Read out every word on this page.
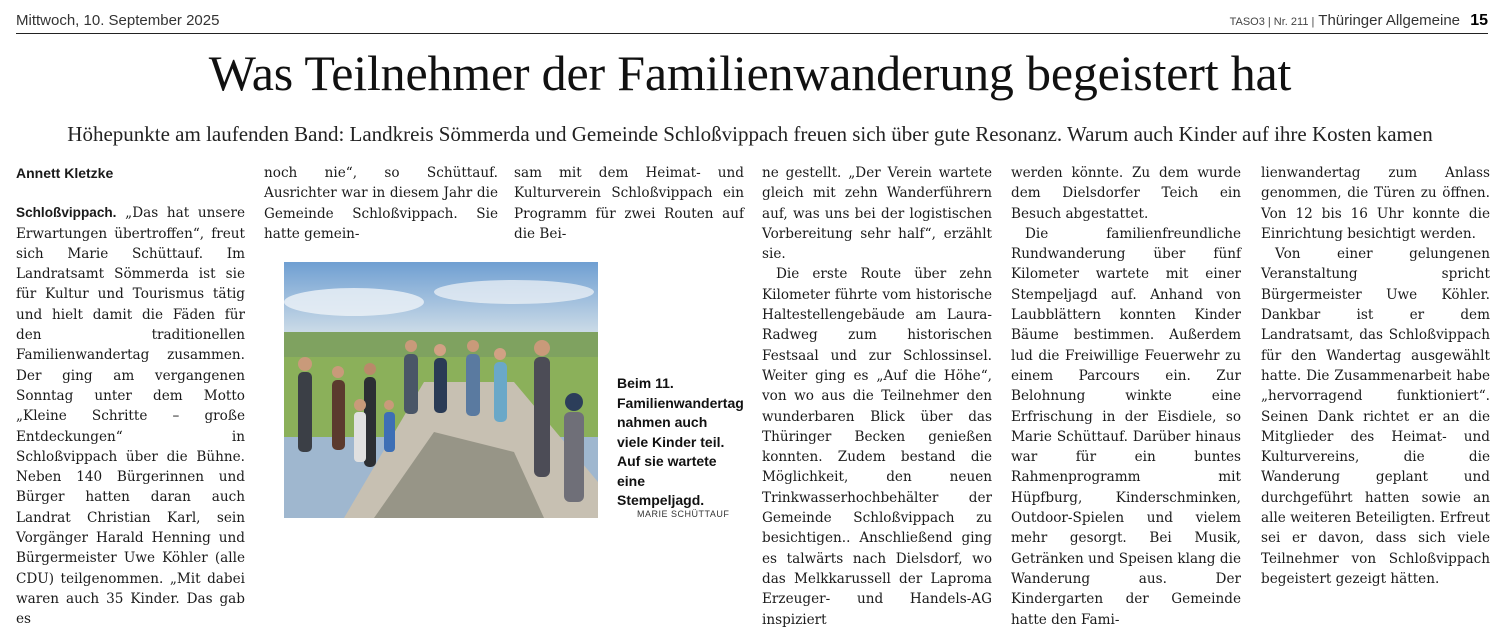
Mittwoch, 10. September 2025	TASO3 | Nr. 211 | Thüringer Allgemeine 15
Was Teilnehmer der Familienwanderung begeistert hat
Höhepunkte am laufenden Band: Landkreis Sömmerda und Gemeinde Schloßvippach freuen sich über gute Resonanz. Warum auch Kinder auf ihre Kosten kamen

Annett Kletzke

Schloßvippach. „Das hat unsere Erwartungen übertroffen“, freut sich Marie Schüttauf. Im Landratsamt Sömmerda ist sie für Kultur und Tourismus tätig und hielt damit die Fäden für den traditionellen Familienwandertag zusammen. Der ging am vergangenen Sonntag unter dem Motto „Kleine Schritte – große Entdeckungen“ in Schloßvippach über die Bühne. Neben 140 Bürgerinnen und Bürger hatten daran auch Landrat Christian Karl, sein Vorgänger Harald Henning und Bürgermeister Uwe Köhler (alle CDU) teilgenommen. „Mit dabei waren auch 35 Kinder. Das gab es

noch nie“, so Schüttauf. Ausrichter war in diesem Jahr die Gemeinde Schloßvippach. Sie hatte gemein-

sam mit dem Heimat- und Kulturverein Schloßvippach ein Programm für zwei Routen auf die Bei-

Beim 11. Familienwandertag nahmen auch viele Kinder teil. Auf sie wartete eine Stempeljagd.
MARIE SCHÜTTAUF

ne gestellt. „Der Verein wartete gleich mit zehn Wanderführern auf, was uns bei der logistischen Vorbereitung sehr half“, erzählt sie.

Die erste Route über zehn Kilometer führte vom historische Haltestellengebäude am Laura-Radweg zum historischen Festsaal und zur Schlossinsel. Weiter ging es „Auf die Höhe“, von wo aus die Teilnehmer den wunderbaren Blick über das Thüringer Becken genießen konnten. Zudem bestand die Möglichkeit, den neuen Trinkwasserhochbehälter der Gemeinde Schloßvippach zu besichtigen.. Anschließend ging es talwärts nach Dielsdorf, wo das Melkkarussell der Laproma Erzeuger- und Handels-AG inspiziert

werden könnte. Zu dem wurde dem Dielsdorfer Teich ein Besuch abgestattet.

Die familienfreundliche Rundwanderung über fünf Kilometer wartete mit einer Stempeljagd auf. Anhand von Laubblättern konnten Kinder Bäume bestimmen. Außerdem lud die Freiwillige Feuerwehr zu einem Parcours ein. Zur Belohnung winkte eine Erfrischung in der Eisdiele, so Marie Schüttauf. Darüber hinaus war für ein buntes Rahmenprogramm mit Hüpfburg, Kinderschminken, Outdoor-Spielen und vielem mehr gesorgt. Bei Musik, Getränken und Speisen klang die Wanderung aus. Der Kindergarten der Gemeinde hatte den Fami-

lienwandertag zum Anlass genommen, die Türen zu öffnen. Von 12 bis 16 Uhr konnte die Einrichtung besichtigt werden.

Von einer gelungenen Veranstaltung spricht Bürgermeister Uwe Köhler. Dankbar ist er dem Landratsamt, das Schloßvippach für den Wandertag ausgewählt hatte. Die Zusammenarbeit habe „hervorragend funktioniert“. Seinen Dank richtet er an die Mitglieder des Heimat- und Kulturvereins, die die Wanderung geplant und durchgeführt hatten sowie an alle weiteren Beteiligten. Erfreut sei er davon, dass sich viele Teilnehmer von Schloßvippach begeistert gezeigt hätten.
